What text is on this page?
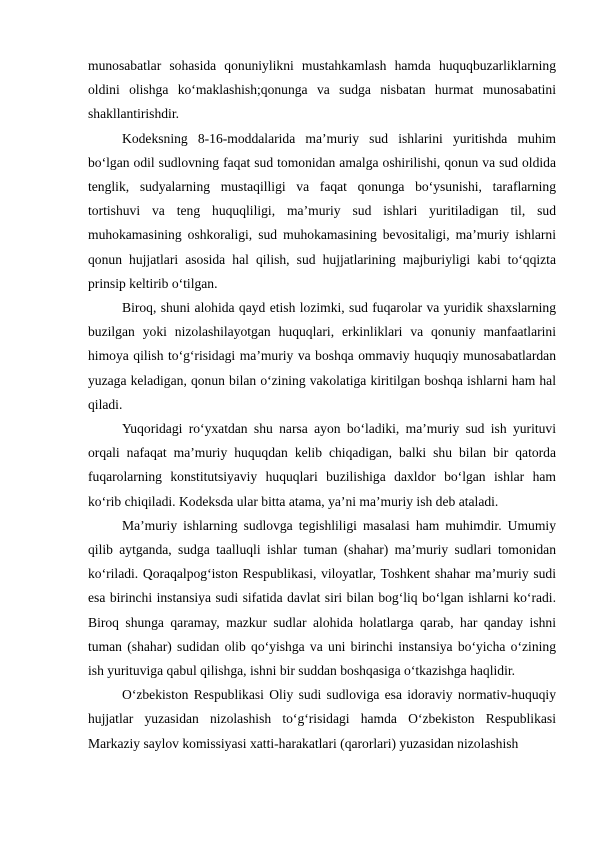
munosabatlar sohasida qonuniylikni mustahkamlash hamda huquqbuzarliklarning oldini olishga ko‘maklashish;qonunga va sudga nisbatan hurmat munosabatini shakllantirishdir.

Kodeksning 8-16-moddalarida ma’muriy sud ishlarini yuritishda muhim bo‘lgan odil sudlovning faqat sud tomonidan amalga oshirilishi, qonun va sud oldida tenglik, sudyalarning mustaqilligi va faqat qonunga bo‘ysunishi, taraflarning tortishuvi va teng huquqliligi, ma’muriy sud ishlari yuritiladigan til, sud muhokamasining oshkoraligi, sud muhokamasining bevositaligi, ma’muriy ishlarni qonun hujjatlari asosida hal qilish, sud hujjatlarining majburiyligi kabi to‘qqizta prinsip keltirib o‘tilgan.

Biroq, shuni alohida qayd etish lozimki, sud fuqarolar va yuridik shaxslarning buzilgan yoki nizolashilayotgan huquqlari, erkinliklari va qonuniy manfaatlarini himoya qilish to‘g‘risidagi ma’muriy va boshqa ommaviy huquqiy munosabatlardan yuzaga keladigan, qonun bilan o‘zining vakolatiga kiritilgan boshqa ishlarni ham hal qiladi.

Yuqoridagi ro‘yxatdan shu narsa ayon bo‘ladiki, ma’muriy sud ish yurituvi orqali nafaqat ma’muriy huquqdan kelib chiqadigan, balki shu bilan bir qatorda fuqarolarning konstitutsiyaviy huquqlari buzilishiga daxldor bo‘lgan ishlar ham ko‘rib chiqiladi. Kodeksda ular bitta atama, ya’ni ma’muriy ish deb ataladi.

Ma’muriy ishlarning sudlovga tegishliligi masalasi ham muhimdir. Umumiy qilib aytganda, sudga taalluqli ishlar tuman (shahar) ma’muriy sudlari tomonidan ko‘riladi. Qoraqalpog‘iston Respublikasi, viloyatlar, Toshkent shahar ma’muriy sudi esa birinchi instansiya sudi sifatida davlat siri bilan bog‘liq bo‘lgan ishlarni ko‘radi. Biroq shunga qaramay, mazkur sudlar alohida holatlarga qarab, har qanday ishni tuman (shahar) sudidan olib qo‘yishga va uni birinchi instansiya bo‘yicha o‘zining ish yurituviga qabul qilishga, ishni bir suddan boshqasiga o‘tkazishga haqlidir.

O‘zbekiston Respublikasi Oliy sudi sudloviga esa idoraviy normativ-huquqiy hujjatlar yuzasidan nizolashish to‘g‘risidagi hamda O‘zbekiston Respublikasi Markaziy saylov komissiyasi xatti-harakatlari (qarorlari) yuzasidan nizolashish
